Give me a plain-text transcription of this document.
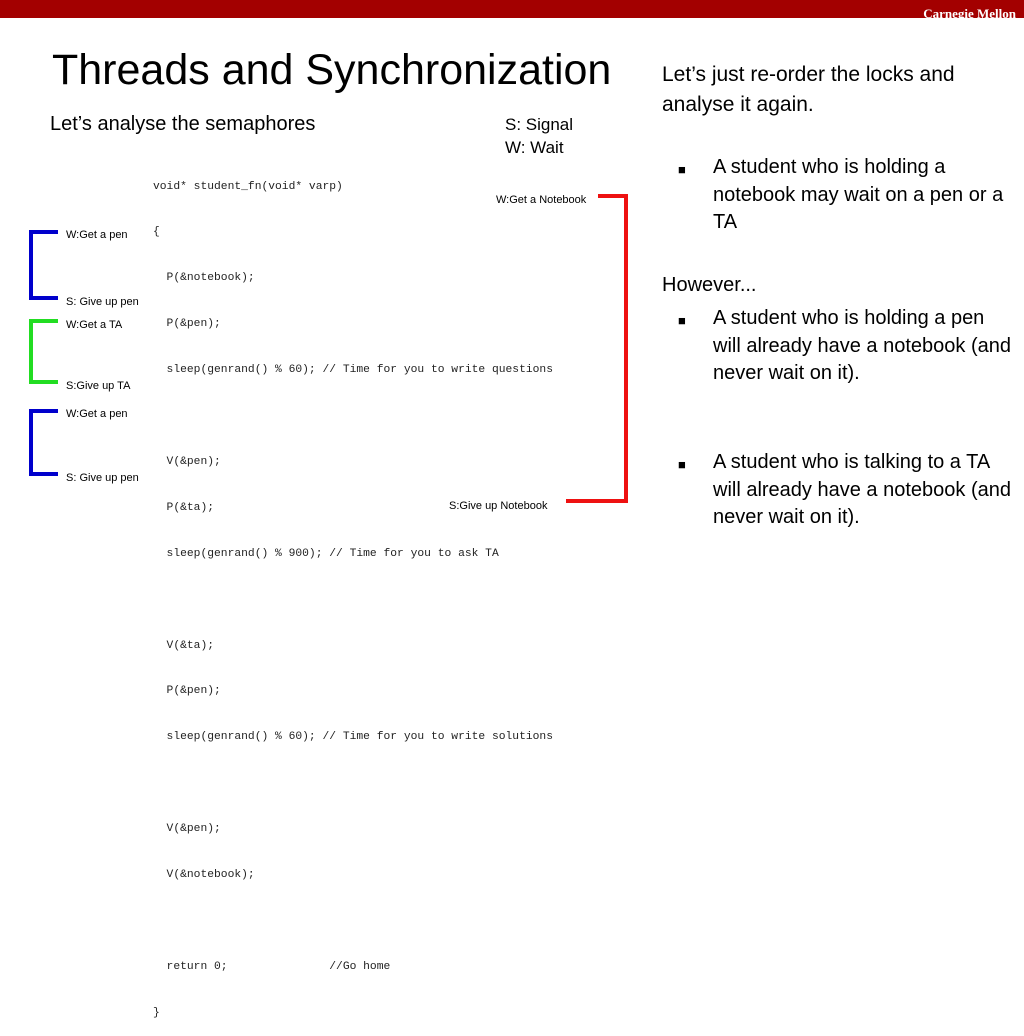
Carnegie Mellon
Threads and Synchronization
Let’s analyse the semaphores	S: Signal
W: Wait

void* student_fn(void* varp)

{

P(&notebook);

P(&pen);

sleep(genrand() % 60); // Time for you to write questions

V(&pen);

P(&ta);

sleep(genrand() % 900); // Time for you to ask TA

V(&ta);

P(&pen);

sleep(genrand() % 60); // Time for you to write solutions

V(&pen);

V(&notebook);

return 0;               //Go home

}

W:Get a Notebook
S:Give up Notebook
W:Get a pen
S: Give up pen
W:Get a TA
S:Give up TA
W:Get a pen
S: Give up pen

Let’s just re-order the locks and analyse it again.

■ A student who is holding a notebook may wait on a pen or a TA
However...
■ A student who is holding a pen will already have a notebook (and never wait on it).
■ A student who is talking to a TA will already have a notebook (and never wait on it).
